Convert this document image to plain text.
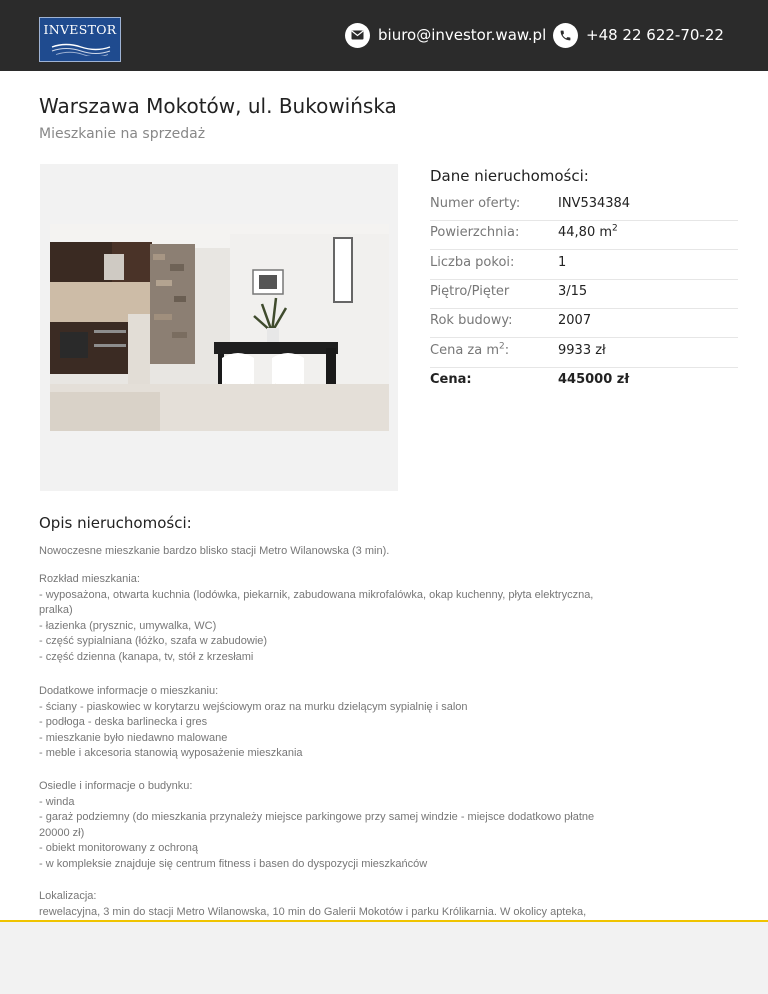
INVESTOR	biuro@investor.waw.pl	+48 22 622-70-22
Warszawa Mokotów, ul. Bukowińska
Mieszkanie na sprzedaż
Dane nieruchomości:
Numer oferty:	INV534384
Powierzchnia:	44,80 $m^2$
Liczba pokoi:	1
Piętro/Pięter	3/15
Rok budowy:	2007
Cena za $m^2$:	9933 zł
Cena:	445000 zł
Opis nieruchomości:
Nowoczesne mieszkanie bardzo blisko stacji Metro Wilanowska (3 min).
Rozkład mieszkania:
- wyposażona, otwarta kuchnia (lodówka, piekarnik, zabudowana mikrofalówka, okap kuchenny, płyta elektryczna,
pralka)
- łazienka (prysznic, umywalka, WC)
- część sypialniana (łóżko, szafa w zabudowie)
- część dzienna (kanapa, tv, stół z krzesłami
Dodatkowe informacje o mieszkaniu:
- ściany - piaskowiec w korytarzu wejściowym oraz na murku dzielącym sypialnię i salon
- podłoga - deska barlinecka i gres
- mieszkanie było niedawno malowane
- meble i akcesoria stanowią wyposażenie mieszkania
Osiedle i informacje o budynku:
- winda
- garaż podziemny (do mieszkania przynależy miejsce parkingowe przy samej windzie - miejsce dodatkowo płatne
20000 zł)
- obiekt monitorowany z ochroną
- w kompleksie znajduje się centrum fitness i basen do dyspozycji mieszkańców
Lokalizacja:
rewelacyjna, 3 min do stacji Metro Wilanowska, 10 min do Galerii Mokotów i parku Królikarnia. W okolicy apteka,
